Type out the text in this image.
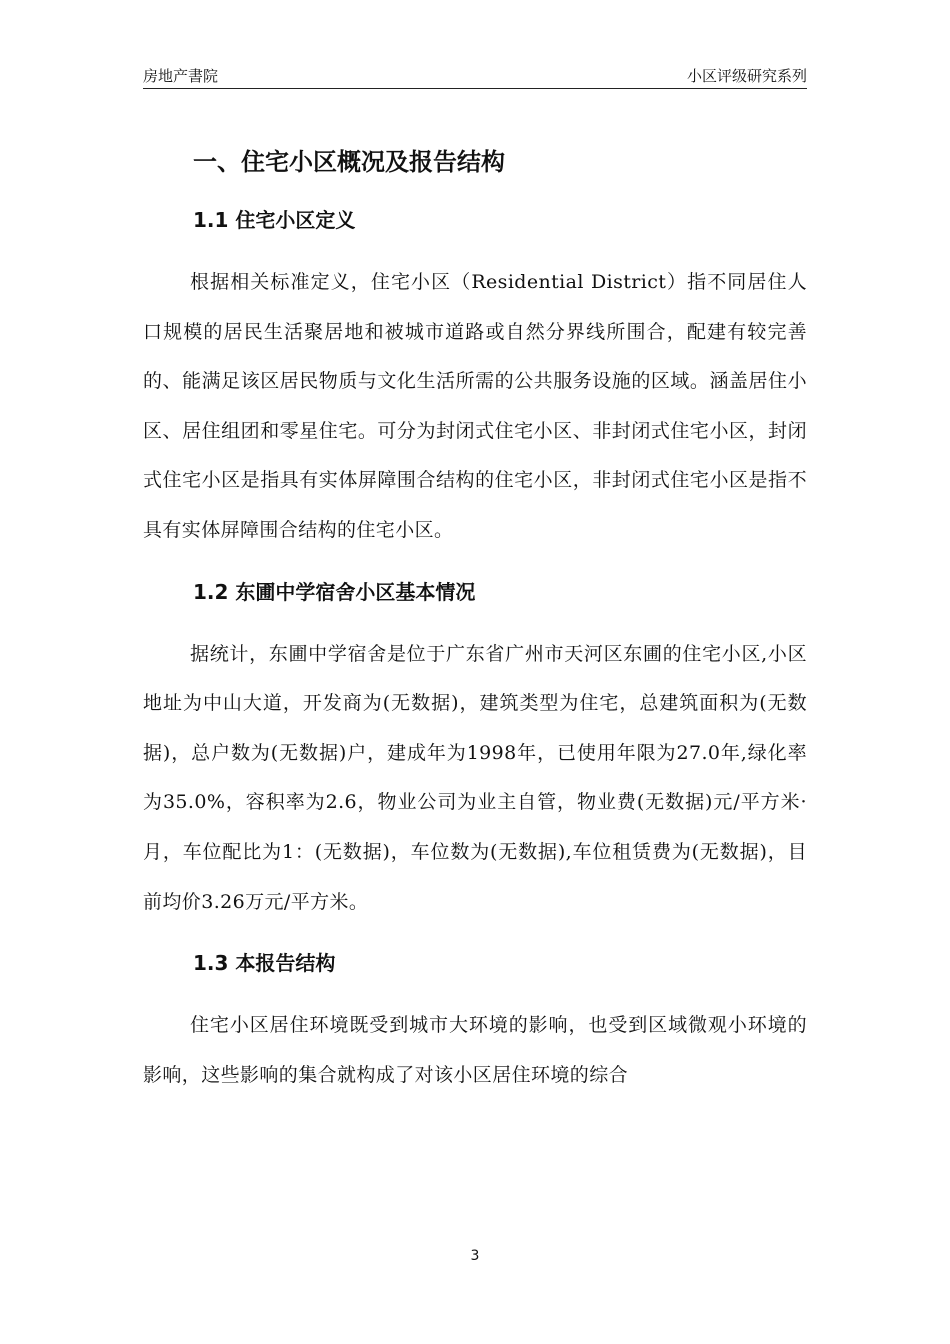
房地产書院	小区评级研究系列
一、住宅小区概况及报告结构
1.1 住宅小区定义

根据相关标准定义，住宅小区（Residential District）指不同居住人口规模的居民生活聚居地和被城市道路或自然分界线所围合，配建有较完善的、能满足该区居民物质与文化生活所需的公共服务设施的区域。涵盖居住小区、居住组团和零星住宅。可分为封闭式住宅小区、非封闭式住宅小区，封闭式住宅小区是指具有实体屏障围合结构的住宅小区，非封闭式住宅小区是指不具有实体屏障围合结构的住宅小区。

1.2 东圃中学宿舍小区基本情况

据统计，东圃中学宿舍是位于广东省广州市天河区东圃的住宅小区,小区地址为中山大道，开发商为(无数据)，建筑类型为住宅，总建筑面积为(无数据)，总户数为(无数据)户，建成年为1998年，已使用年限为27.0年,绿化率为35.0%，容积率为2.6，物业公司为业主自管，物业费(无数据)元/平方米·月，车位配比为1：(无数据)，车位数为(无数据),车位租赁费为(无数据)，目前均价3.26万元/平方米。

1.3 本报告结构

住宅小区居住环境既受到城市大环境的影响，也受到区域微观小环境的影响，这些影响的集合就构成了对该小区居住环境的综合

3
